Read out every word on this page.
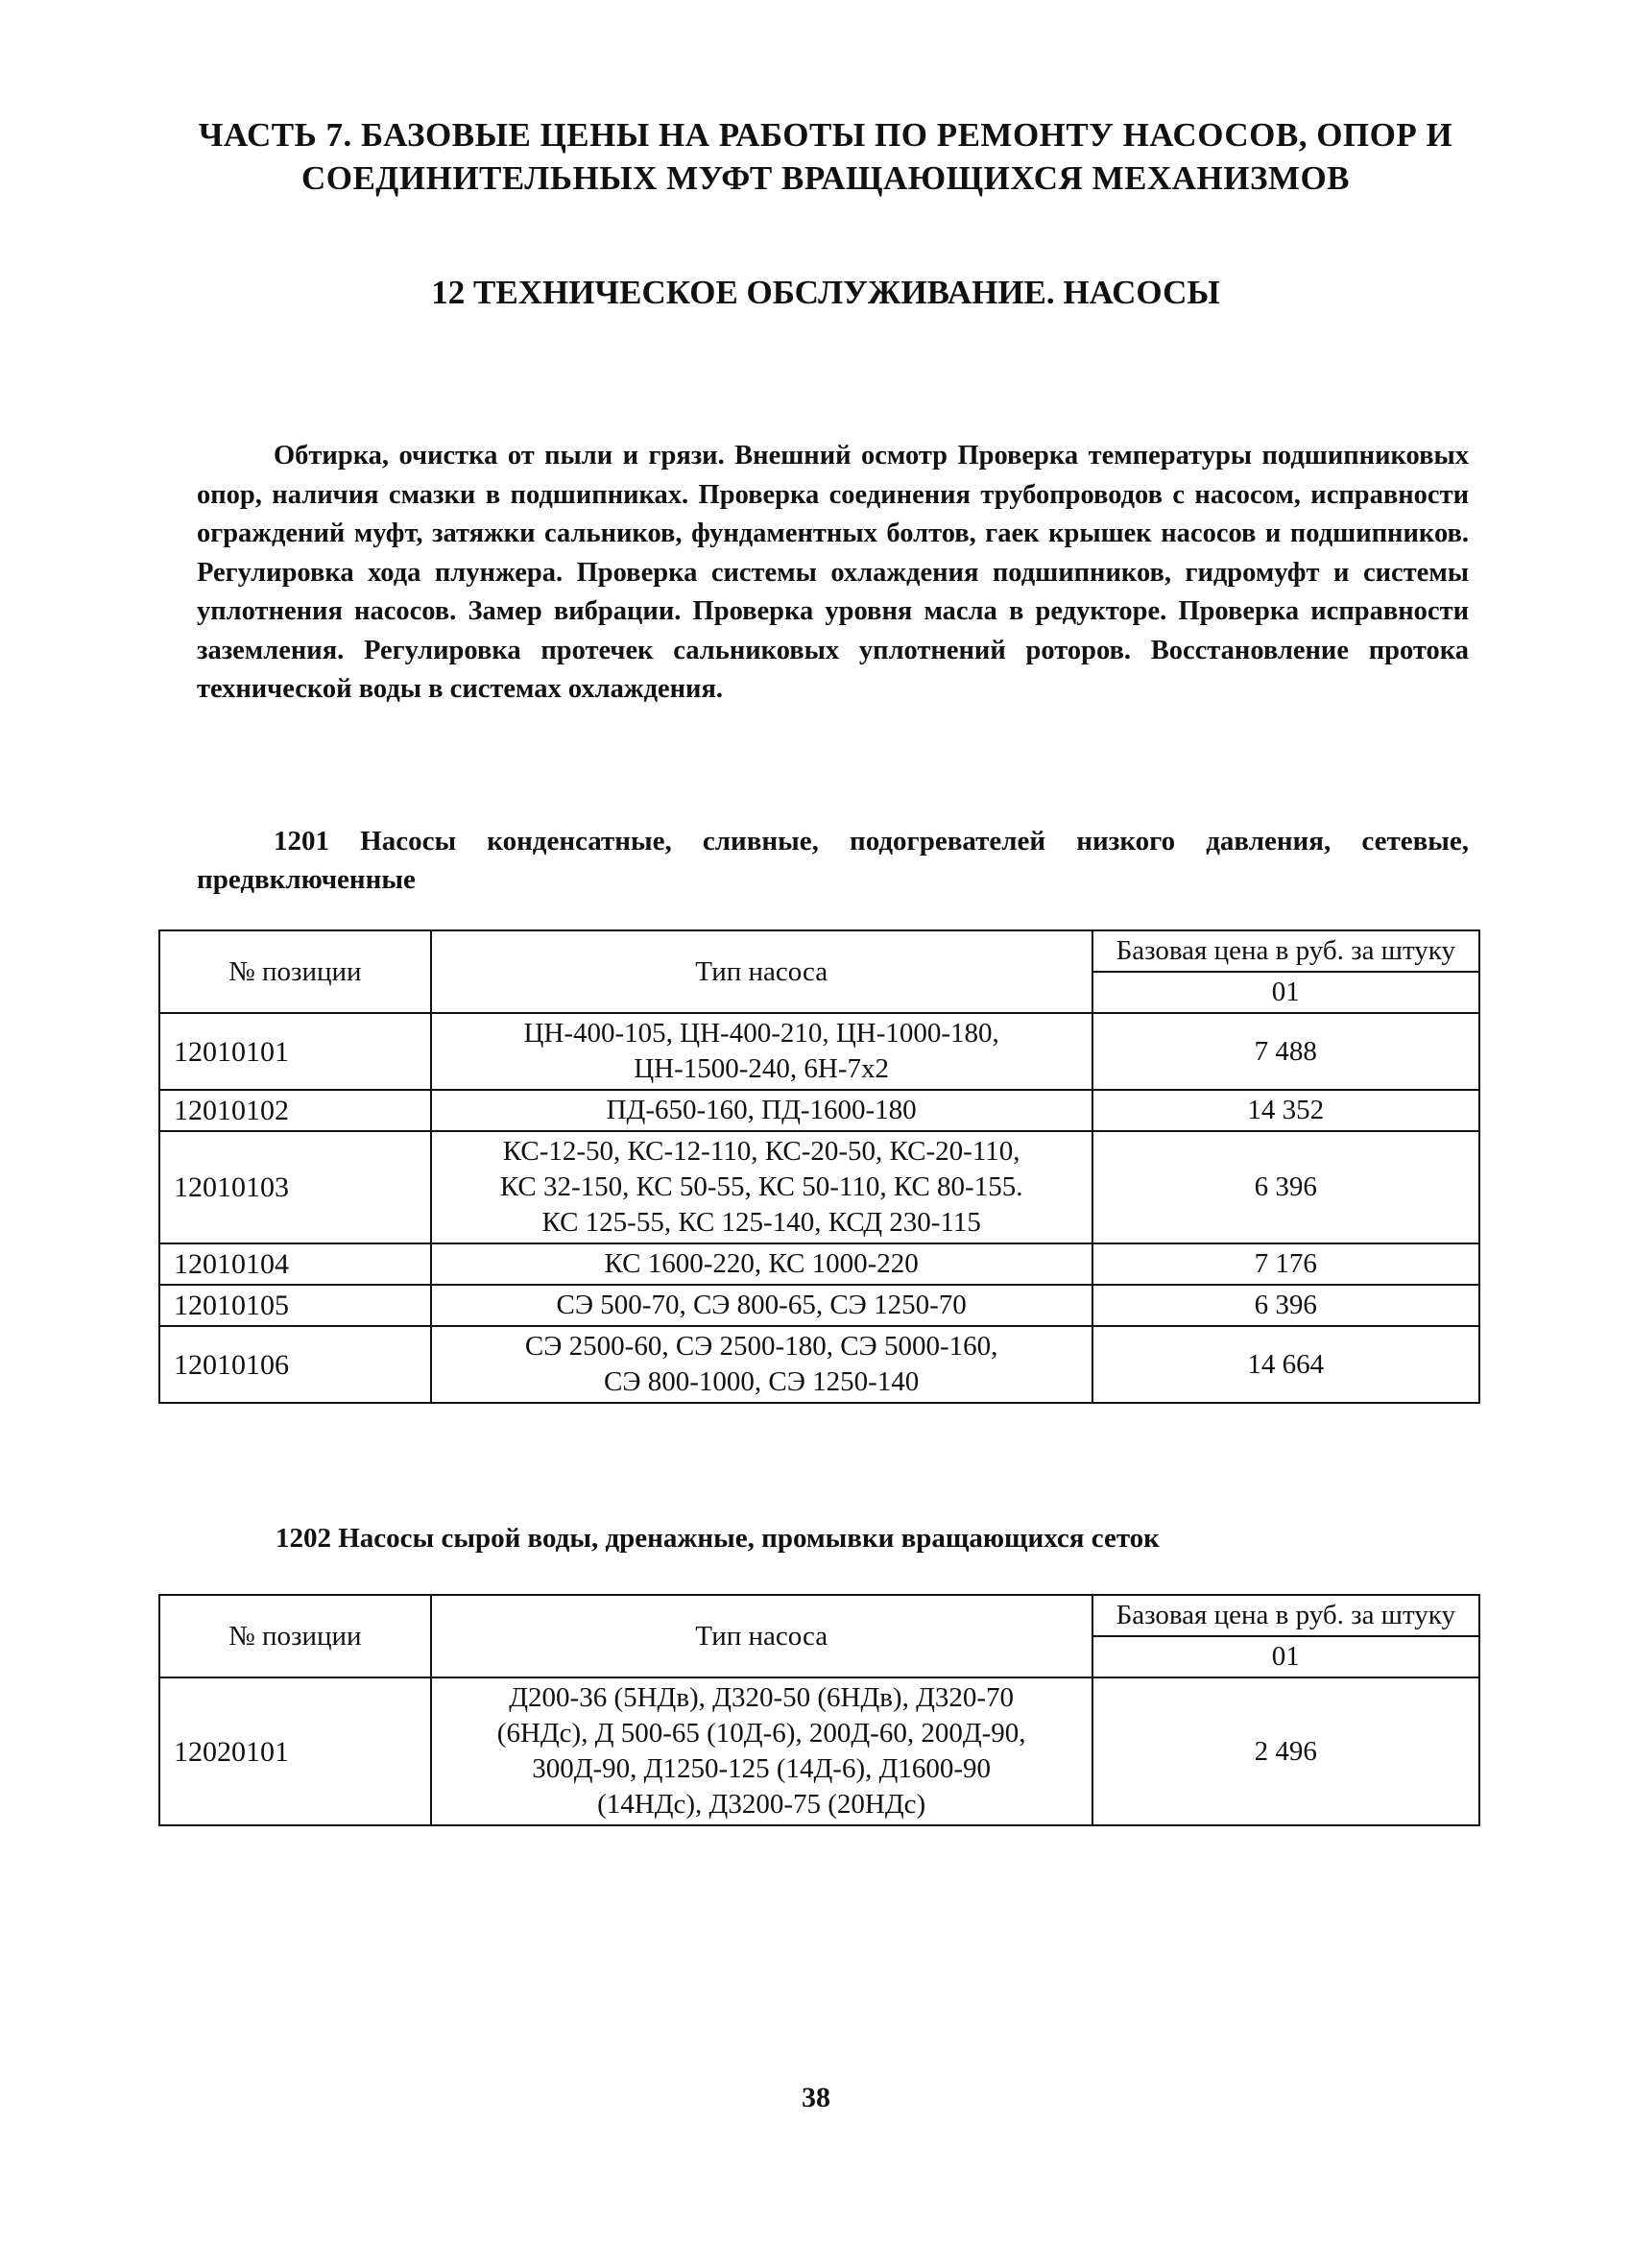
ЧАСТЬ 7. БАЗОВЫЕ ЦЕНЫ НА РАБОТЫ ПО РЕМОНТУ НАСОСОВ, ОПОР И
СОЕДИНИТЕЛЬНЫХ МУФТ ВРАЩАЮЩИХСЯ МЕХАНИЗМОВ
12 ТЕХНИЧЕСКОЕ ОБСЛУЖИВАНИЕ. НАСОСЫ

Обтирка, очистка от пыли и грязи. Внешний осмотр Проверка температуры подшипниковых опор, наличия смазки в подшипниках. Проверка соединения трубопроводов с насосом, исправности ограждений муфт, затяжки сальников, фундаментных болтов, гаек крышек насосов и подшипников. Регулировка хода плунжера. Проверка системы охлаждения подшипников, гидромуфт и системы уплотнения насосов. Замер вибрации. Проверка уровня масла в редукторе. Проверка исправности заземления. Регулировка протечек сальниковых уплотнений роторов. Восстановление протока технической воды в системах охлаждения.

1201 Насосы конденсатные, сливные, подогревателей низкого давления, сетевые, предвключенные

№ позиции	Тип насоса	Базовая цена в руб. за штуку
		01
12010101	ЦН-400-105, ЦН-400-210, ЦН-1000-180,
ЦН-1500-240, 6Н-7х2	7 488
12010102	ПД-650-160, ПД-1600-180	14 352
12010103	КС-12-50, КС-12-110, КС-20-50, КС-20-110,
КС 32-150, КС 50-55, КС 50-110, КС 80-155.
КС 125-55, КС 125-140, КСД 230-115	6 396
12010104	КС 1600-220, КС 1000-220	7 176
12010105	СЭ 500-70, СЭ 800-65, СЭ 1250-70	6 396
12010106	СЭ 2500-60, СЭ 2500-180, СЭ 5000-160,
СЭ 800-1000, СЭ 1250-140	14 664

1202 Насосы сырой воды, дренажные, промывки вращающихся сеток

№ позиции	Тип насоса	Базовая цена в руб. за штуку
		01
12020101	Д200-36 (5НДв), Д320-50 (6НДв), Д320-70
(6НДс), Д 500-65 (10Д-6), 200Д-60, 200Д-90,
300Д-90, Д1250-125 (14Д-6), Д1600-90
(14НДс), Д3200-75 (20НДс)	2 496
38
